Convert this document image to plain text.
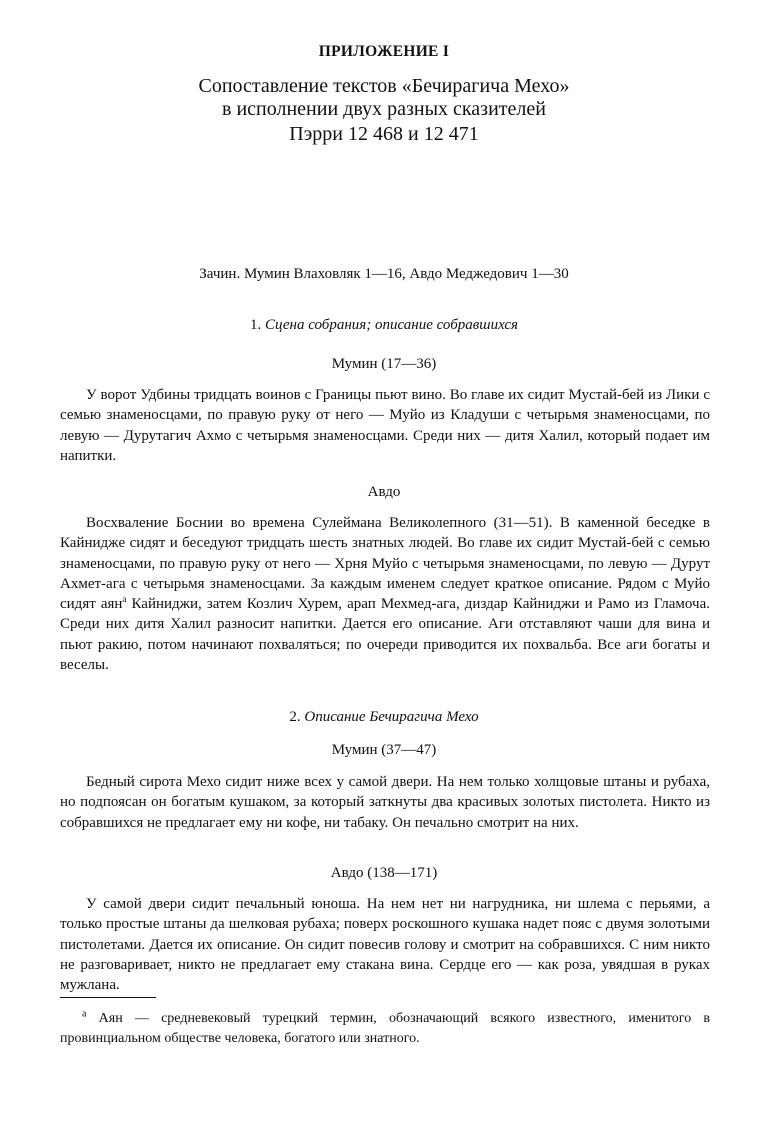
ПРИЛОЖЕНИЕ I
Сопоставление текстов «Бечирагича Мехо»
в исполнении двух разных сказителей
Пэрри 12 468 и 12 471
Зачин. Мумин Влаховляк 1—16, Авдо Меджедович 1—30
1. Сцена собрания; описание собравшихся
Мумин (17—36)
У ворот Удбины тридцать воинов с Границы пьют вино. Во главе их сидит Мустай-бей из Лики с семью знаменосцами, по правую руку от него — Муйо из Кладуши с четырьмя знаменосцами, по левую — Дурутагич Ахмо с четырьмя знаменосцами. Среди них — дитя Халил, который подает им напитки.
Авдо
Восхваление Боснии во времена Сулеймана Великолепного (31—51). В каменной беседке в Кайниджe сидят и беседуют тридцать шесть знатных людей. Во главе их сидит Мустай-бей с семью знаменосцами, по правую руку от него — Хрня Муйо с четырьмя знаменосцами, по левую — Дурут Ахмет-ага с четырьмя знаменосцами. За каждым именем следует краткое описание. Рядом с Муйо сидят аян$^а$ Кайниджи, затем Козлич Хурем, арап Мехмед-ага, диздар Кайниджи и Рамо из Гламоча. Среди них дитя Халил разносит напитки. Дается его описание. Аги отставляют чаши для вина и пьют ракию, потом начинают похваляться; по очереди приводится их похвальба. Все аги богаты и веселы.
2. Описание Бечирагича Мехо
Мумин (37—47)
Бедный сирота Мехо сидит ниже всех у самой двери. На нем только холщовые штаны и рубаха, но подпоясан он богатым кушаком, за который заткнуты два красивых золотых пистолета. Никто из собравшихся не предлагает ему ни кофе, ни табаку. Он печально смотрит на них.
Авдо (138—171)
У самой двери сидит печальный юноша. На нем нет ни нагрудника, ни шлема с перьями, а только простые штаны да шелковая рубаха; поверх роскошного кушака надет пояс с двумя золотыми пистолетами. Дается их описание. Он сидит повесив голову и смотрит на собравшихся. С ним никто не разговаривает, никто не предлагает ему стакана вина. Сердце его — как роза, увядшая в руках мужлана.
$^а$ Аян — средневековый турецкий термин, обозначающий всякого известного, именитого в провинциальном обществе человека, богатого или знатного.
